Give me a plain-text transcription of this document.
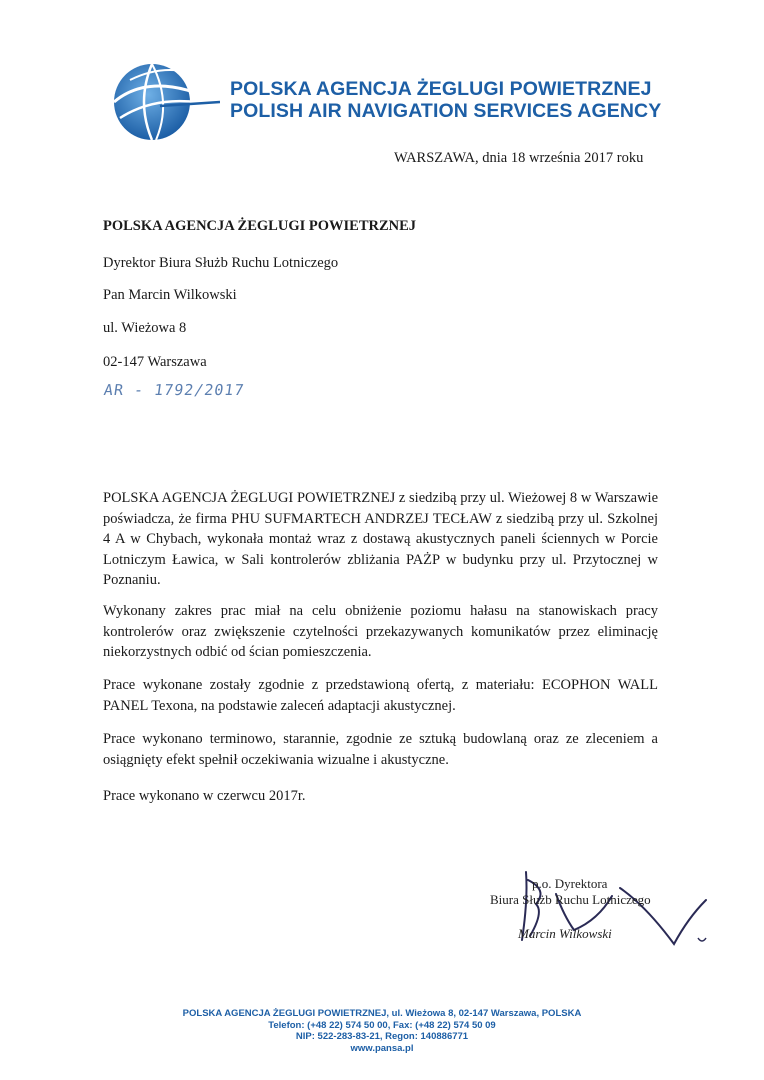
POLSKA AGENCJA ŻEGLUGI POWIETRZNEJ
POLISH AIR NAVIGATION SERVICES AGENCY
WARSZAWA, dnia 18 września 2017 roku
POLSKA AGENCJA ŻEGLUGI POWIETRZNEJ
Dyrektor Biura Służb Ruchu Lotniczego
Pan Marcin Wilkowski
ul. Wieżowa 8
02-147 Warszawa
AR - 1792/2017
POLSKA AGENCJA ŻEGLUGI POWIETRZNEJ z siedzibą przy ul. Wieżowej 8 w Warszawie poświadcza, że firma PHU SUFMARTECH ANDRZEJ TECŁAW z siedzibą przy ul. Szkolnej 4 A w Chybach, wykonała montaż wraz z dostawą akustycznych paneli ściennych w Porcie Lotniczym Ławica, w Sali kontrolerów zbliżania PAŻP w budynku przy ul. Przytocznej w Poznaniu.
Wykonany zakres prac miał na celu obniżenie poziomu hałasu na stanowiskach pracy kontrolerów oraz zwiększenie czytelności przekazywanych komunikatów przez eliminację niekorzystnych odbić od ścian pomieszczenia.
Prace wykonane zostały zgodnie z przedstawioną ofertą, z materiału: ECOPHON WALL PANEL Texona, na podstawie zaleceń adaptacji akustycznej.
Prace wykonano terminowo, starannie, zgodnie ze sztuką budowlaną oraz ze zleceniem a osiągnięty efekt spełnił oczekiwania wizualne i akustyczne.
Prace wykonano w czerwcu 2017r.
p.o. Dyrektora
Biura Służb Ruchu Lotniczego
Marcin Wilkowski
POLSKA AGENCJA ŻEGLUGI POWIETRZNEJ, ul. Wieżowa 8, 02-147 Warszawa, POLSKA
Telefon: (+48 22) 574 50 00, Fax: (+48 22) 574 50 09
NIP: 522-283-83-21, Regon: 140886771
www.pansa.pl
